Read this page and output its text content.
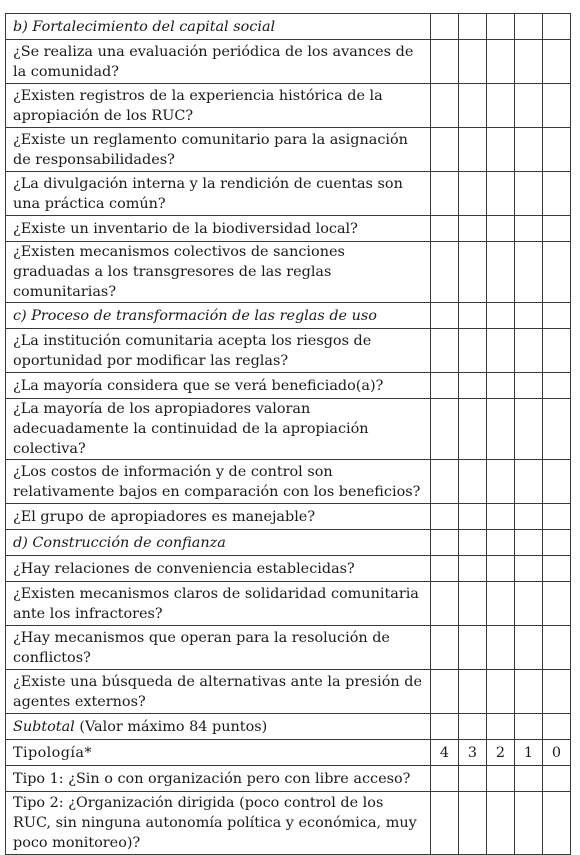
b) Fortalecimiento del capital social					
¿Se realiza una evaluación periódica de los avances de la comunidad?					
¿Existen registros de la experiencia histórica de la apropiación de los RUC?					
¿Existe un reglamento comunitario para la asignación de responsabilidades?					
¿La divulgación interna y la rendición de cuentas son una práctica común?					
¿Existe un inventario de la biodiversidad local?					
¿Existen mecanismos colectivos de sanciones graduadas a los transgresores de las reglas comunitarias?					
c) Proceso de transformación de las reglas de uso					
¿La institución comunitaria acepta los riesgos de oportunidad por modificar las reglas?					
¿La mayoría considera que se verá beneficiado(a)?					
¿La mayoría de los apropiadores valoran adecuadamente la continuidad de la apropiación colectiva?					
¿Los costos de información y de control son relativamente bajos en comparación con los beneficios?					
¿El grupo de apropiadores es manejable?					
d) Construcción de confianza					
¿Hay relaciones de conveniencia establecidas?					
¿Existen mecanismos claros de solidaridad comunitaria ante los infractores?					
¿Hay mecanismos que operan para la resolución de conflictos?					
¿Existe una búsqueda de alternativas ante la presión de agentes externos?					
Subtotal (Valor máximo 84 puntos)					
Tipología*	4	3	2	1	0
Tipo 1: ¿Sin o con organización pero con libre acceso?					
Tipo 2: ¿Organización dirigida (poco control de los RUC, sin ninguna autonomía política y económica, muy poco monitoreo)?					
